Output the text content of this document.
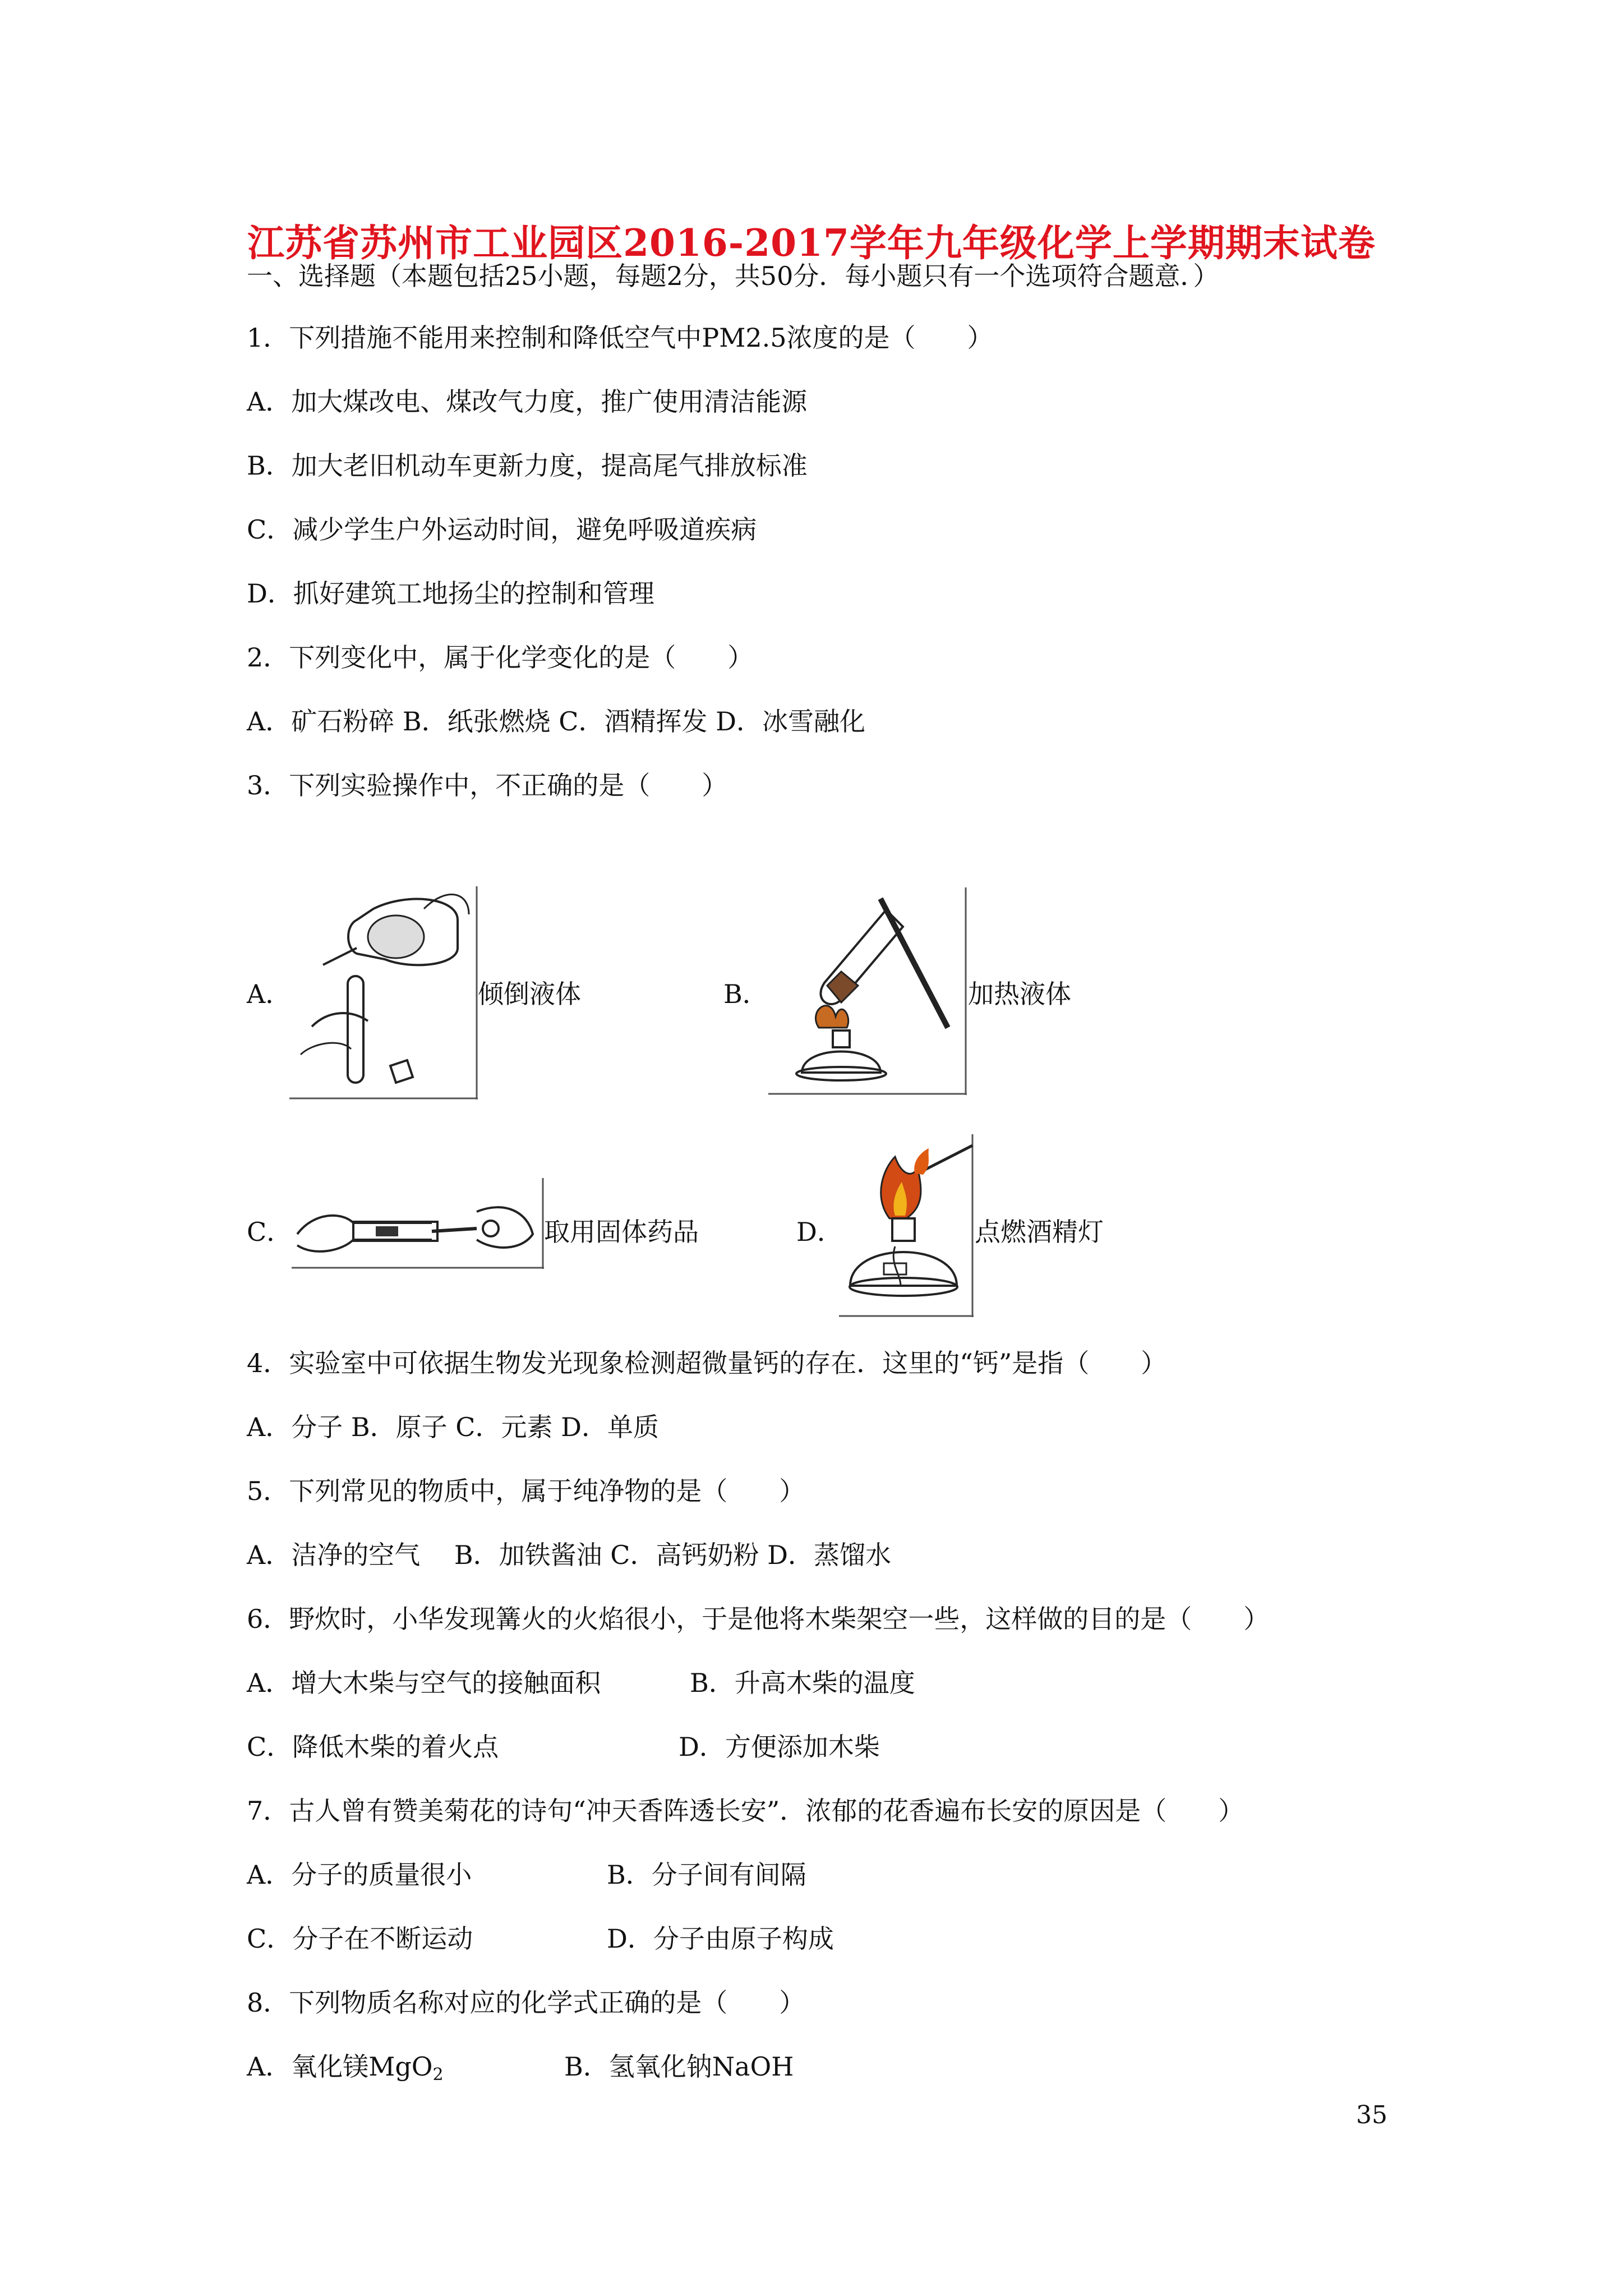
江苏省苏州市工业园区2016-2017学年九年级化学上学期期末试卷
一、选择题（本题包括25小题，每题2分，共50分．每小题只有一个选项符合题意．）
1．下列措施不能用来控制和降低空气中PM2.5浓度的是（　　）
A．加大煤改电、煤改气力度，推广使用清洁能源
B．加大老旧机动车更新力度，提高尾气排放标准
C．减少学生户外运动时间，避免呼吸道疾病
D．抓好建筑工地扬尘的控制和管理
2．下列变化中，属于化学变化的是（　　）
A．矿石粉碎 B．纸张燃烧 C．酒精挥发 D．冰雪融化
3．下列实验操作中，不正确的是（　　）
A．	倾倒液体	B．	加热液体
C．	取用固体药品	D．	点燃酒精灯
4．实验室中可依据生物发光现象检测超微量钙的存在．这里的“钙”是指（　　）
A．分子 B．原子 C．元素 D．单质
5．下列常见的物质中，属于纯净物的是（　　）
A．洁净的空气　 B．加铁酱油 C．高钙奶粉 D．蒸馏水
6．野炊时，小华发现篝火的火焰很小，于是他将木柴架空一些，这样做的目的是（　　）
A．增大木柴与空气的接触面积	B．升高木柴的温度
C．降低木柴的着火点	D．方便添加木柴
7．古人曾有赞美菊花的诗句“冲天香阵透长安”．浓郁的花香遍布长安的原因是（　　）
A．分子的质量很小	B．分子间有间隔
C．分子在不断运动	D．分子由原子构成
8．下列物质名称对应的化学式正确的是（　　）
A．氧化镁MgO$_2$	B．氢氧化钠NaOH
35
